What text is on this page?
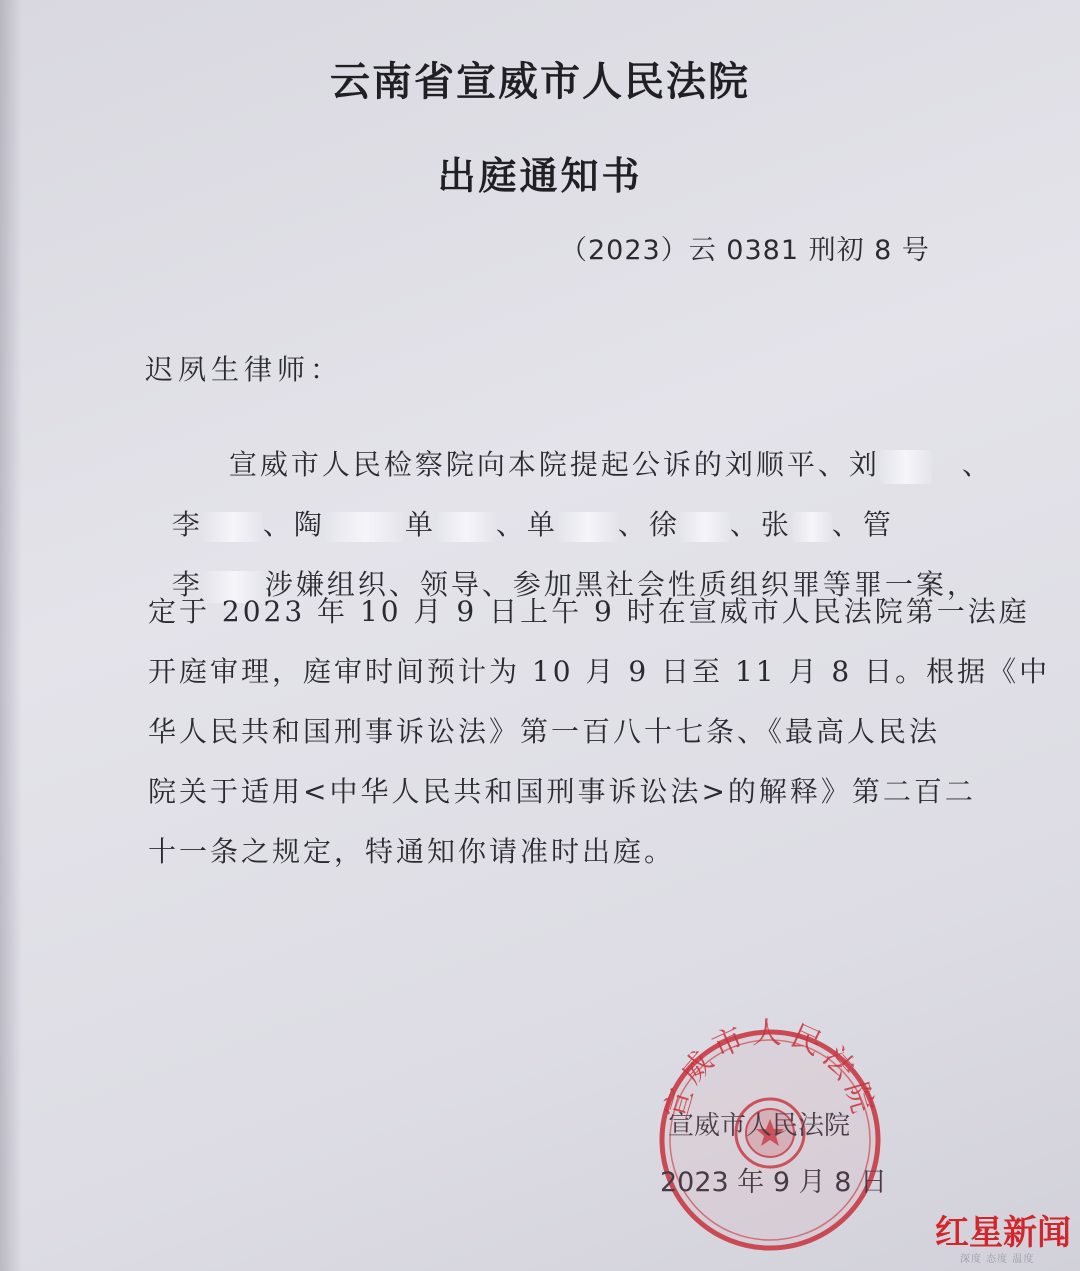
云南省宣威市人民法院
出庭通知书
（2023）云 0381 刑初 8 号
迟夙生律师：

宣威市人民检察院向本院提起公诉的刘顺平、刘	、

李 、陶	单 、单 、徐 、张 、管

李 涉嫌组织、领导、参加黑社会性质组织罪等罪一案，

定于 2023 年 10 月 9 日上午 9 时在宣威市人民法院第一法庭
开庭审理，庭审时间预计为 10 月 9 日至 11 月 8 日。根据《中
华人民共和国刑事诉讼法》第一百八十七条、《最高人民法
院关于适用<中华人民共和国刑事诉讼法>的解释》第二百二
十一条之规定，特通知你请准时出庭。
宣威市人民法院
宣威市人民法院
2023 年 9 月 8 日
红星新闻
深度 态度 温度
